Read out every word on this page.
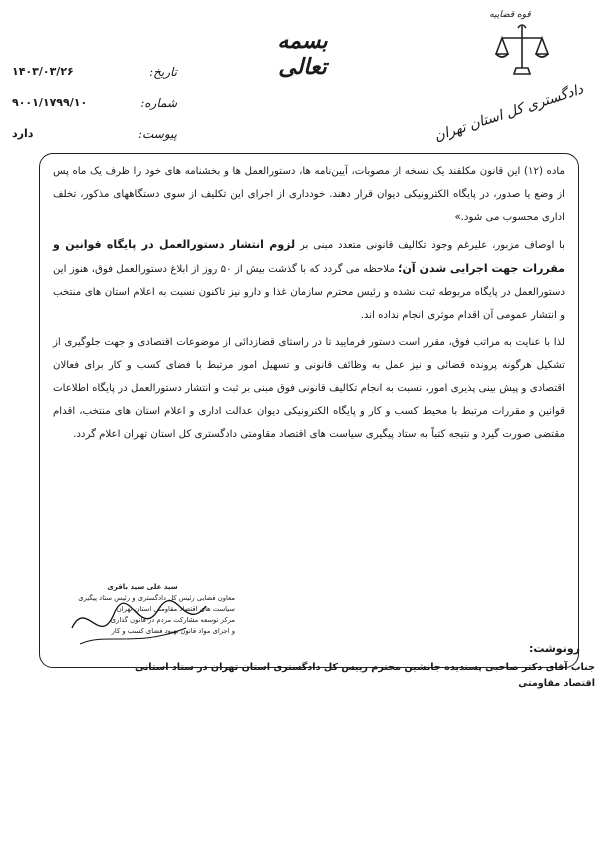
قوه قضاییه
دادگستری کل استان تهران
بسمه تعالی
تاریخ:
۱۴۰۳/۰۳/۲۶
شماره:
۹۰۰۱/۱۷۹۹/۱۰
پیوست:
دارد

ماده (۱۲) این قانون مکلفند یک نسخه از مصوبات، آیین‌نامه ها، دستورالعمل ها و بخشنامه های خود را ظرف یک ماه پس از وضع یا صدور، در پایگاه الکترونیکی دیوان قرار دهند. خودداری از اجرای این تکلیف از سوی دستگاههای مذکور، تخلف اداری محسوب می شود.»

با اوصاف مزبور، علیرغم وجود تکالیف قانونی متعدد مبنی بر لزوم انتشار دستورالعمل در پایگاه قوانین و مقررات جهت اجرایی شدن آن؛ ملاحظه می گردد که با گذشت بیش از ۵۰ روز از ابلاغ دستورالعمل فوق، هنوز این دستورالعمل در پایگاه مربوطه ثبت نشده و رئیس محترم سازمان غذا و دارو نیز تاکنون نسبت به اعلام استان های منتخب و انتشار عمومی آن اقدام موثری انجام نداده اند.

لذا با عنایت به مراتب فوق، مقرر است دستور فرمایید تا در راستای قضازدائی از موضوعات اقتصادی و جهت جلوگیری از تشکیل هرگونه پرونده قضائی و نیز عمل به وظائف قانونی و تسهیل امور مرتبط با فضای کسب و کار برای فعالان اقتصادی و پیش بینی پذیری امور، نسبت به انجام تکالیف قانونی فوق مبنی بر ثبت و انتشار دستورالعمل در پایگاه اطلاعات قوانین و مقررات مرتبط با محیط کسب و کار و پایگاه الکترونیکی دیوان عدالت اداری و اعلام استان های منتخب، اقدام مقتضی صورت گیرد و نتیجه کتباً به ستاد پیگیری سیاست های اقتصاد مقاومتی دادگستری کل استان تهران اعلام گردد.

سید علی سید باقری
معاون قضایی رئیس کل دادگستری و رئیس ستاد پیگیری
سیاست های اقتصاد مقاومتی استان تهران
مرکز توسعه مشارکت مردم در قانون گذاری
و اجرای مواد قانون بهبود فضای کسب و کار
رونوشت:
جناب آقای دکتر صاحبی پسندیده جانشین محترم رییس کل دادگستری استان تهران در ستاد استانی اقتصاد مقاومتی
